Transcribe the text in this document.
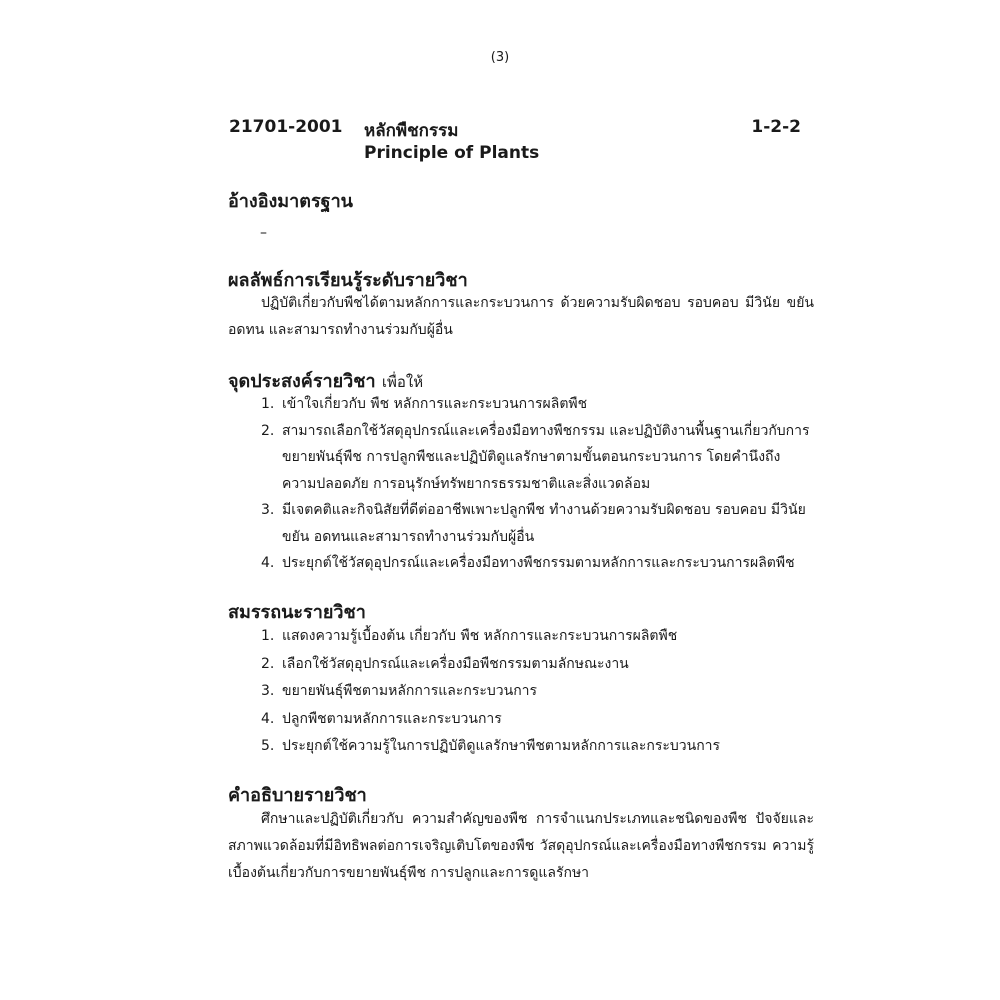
(3)
21701-2001 หลักพืชกรรม
Principle of Plants
1-2-2
อ้างอิงมาตรฐาน
–
ผลลัพธ์การเรียนรู้ระดับรายวิชา

ปฏิบัติเกี่ยวกับพืชได้ตามหลักการและกระบวนการ ด้วยความรับผิดชอบ รอบคอบ มีวินัย ขยัน อดทน และสามารถทำงานร่วมกับผู้อื่น

จุดประสงค์รายวิชา เพื่อให้
1. เข้าใจเกี่ยวกับ พืช หลักการและกระบวนการผลิตพืช
2. สามารถเลือกใช้วัสดุอุปกรณ์และเครื่องมือทางพืชกรรม และปฏิบัติงานพื้นฐานเกี่ยวกับการขยายพันธุ์พืช การปลูกพืชและปฏิบัติดูแลรักษาตามขั้นตอนกระบวนการ โดยคำนึงถึงความปลอดภัย การอนุรักษ์ทรัพยากรธรรมชาติและสิ่งแวดล้อม
3. มีเจตคติและกิจนิสัยที่ดีต่ออาชีพเพาะปลูกพืช ทำงานด้วยความรับผิดชอบ รอบคอบ มีวินัย ขยัน อดทนและสามารถทำงานร่วมกับผู้อื่น
4. ประยุกต์ใช้วัสดุอุปกรณ์และเครื่องมือทางพืชกรรมตามหลักการและกระบวนการผลิตพืช
สมรรถนะรายวิชา
1. แสดงความรู้เบื้องต้น เกี่ยวกับ พืช หลักการและกระบวนการผลิตพืช
2. เลือกใช้วัสดุอุปกรณ์และเครื่องมือพืชกรรมตามลักษณะงาน
3. ขยายพันธุ์พืชตามหลักการและกระบวนการ
4. ปลูกพืชตามหลักการและกระบวนการ
5. ประยุกต์ใช้ความรู้ในการปฏิบัติดูแลรักษาพืชตามหลักการและกระบวนการ
คำอธิบายรายวิชา

ศึกษาและปฏิบัติเกี่ยวกับ ความสำคัญของพืช การจำแนกประเภทและชนิดของพืช ปัจจัยและสภาพแวดล้อมที่มีอิทธิพลต่อการเจริญเติบโตของพืช วัสดุอุปกรณ์และเครื่องมือทางพืชกรรม ความรู้เบื้องต้นเกี่ยวกับการขยายพันธุ์พืช การปลูกและการดูแลรักษา
